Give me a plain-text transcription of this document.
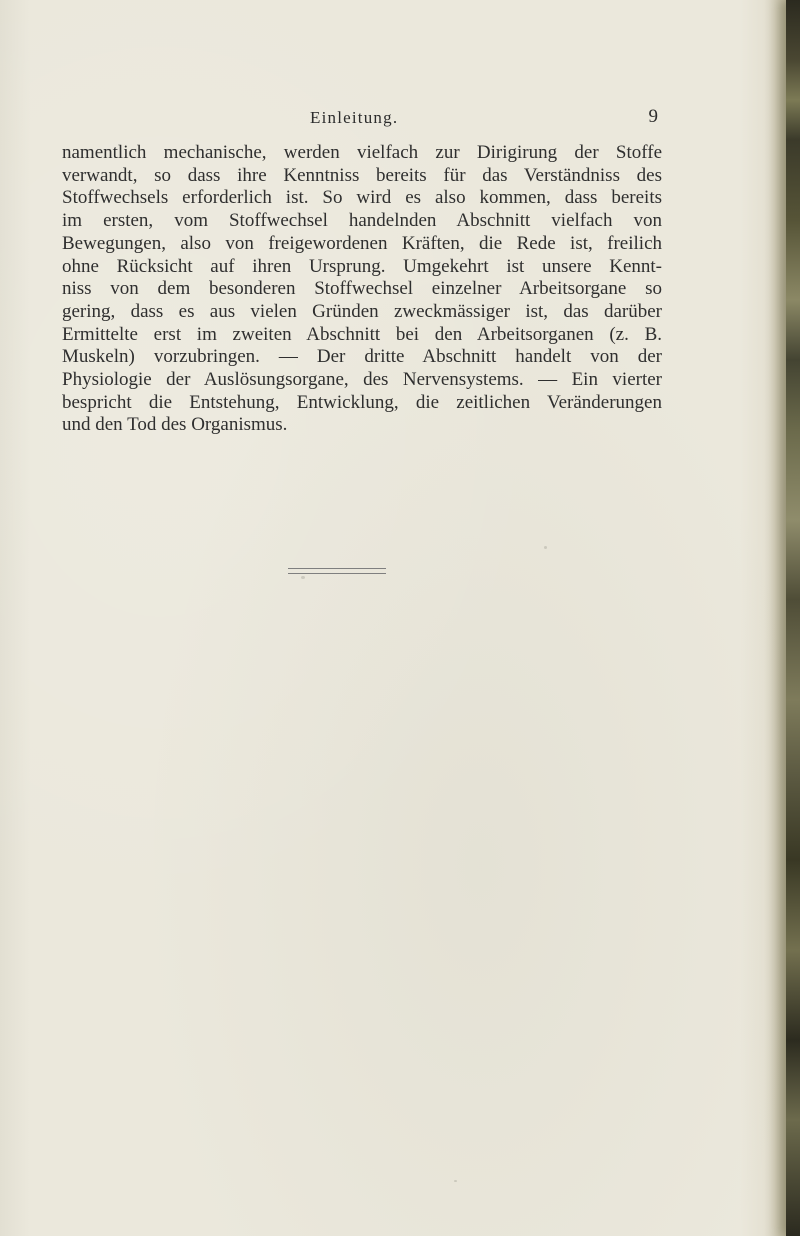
Einleitung.	9
namentlich mechanische, werden vielfach zur Dirigirung der Stoffe
verwandt, so dass ihre Kenntniss bereits für das Verständniss des
Stoffwechsels erforderlich ist. So wird es also kommen, dass bereits
im ersten, vom Stoffwechsel handelnden Abschnitt vielfach von
Bewegungen, also von freigewordenen Kräften, die Rede ist, freilich
ohne Rücksicht auf ihren Ursprung. Umgekehrt ist unsere Kennt-
niss von dem besonderen Stoffwechsel einzelner Arbeitsorgane so
gering, dass es aus vielen Gründen zweckmässiger ist, das darüber
Ermittelte erst im zweiten Abschnitt bei den Arbeitsorganen (z. B.
Muskeln) vorzubringen. — Der dritte Abschnitt handelt von der
Physiologie der Auslösungsorgane, des Nervensystems. — Ein vierter
bespricht die Entstehung, Entwicklung, die zeitlichen Veränderungen
und den Tod des Organismus.
